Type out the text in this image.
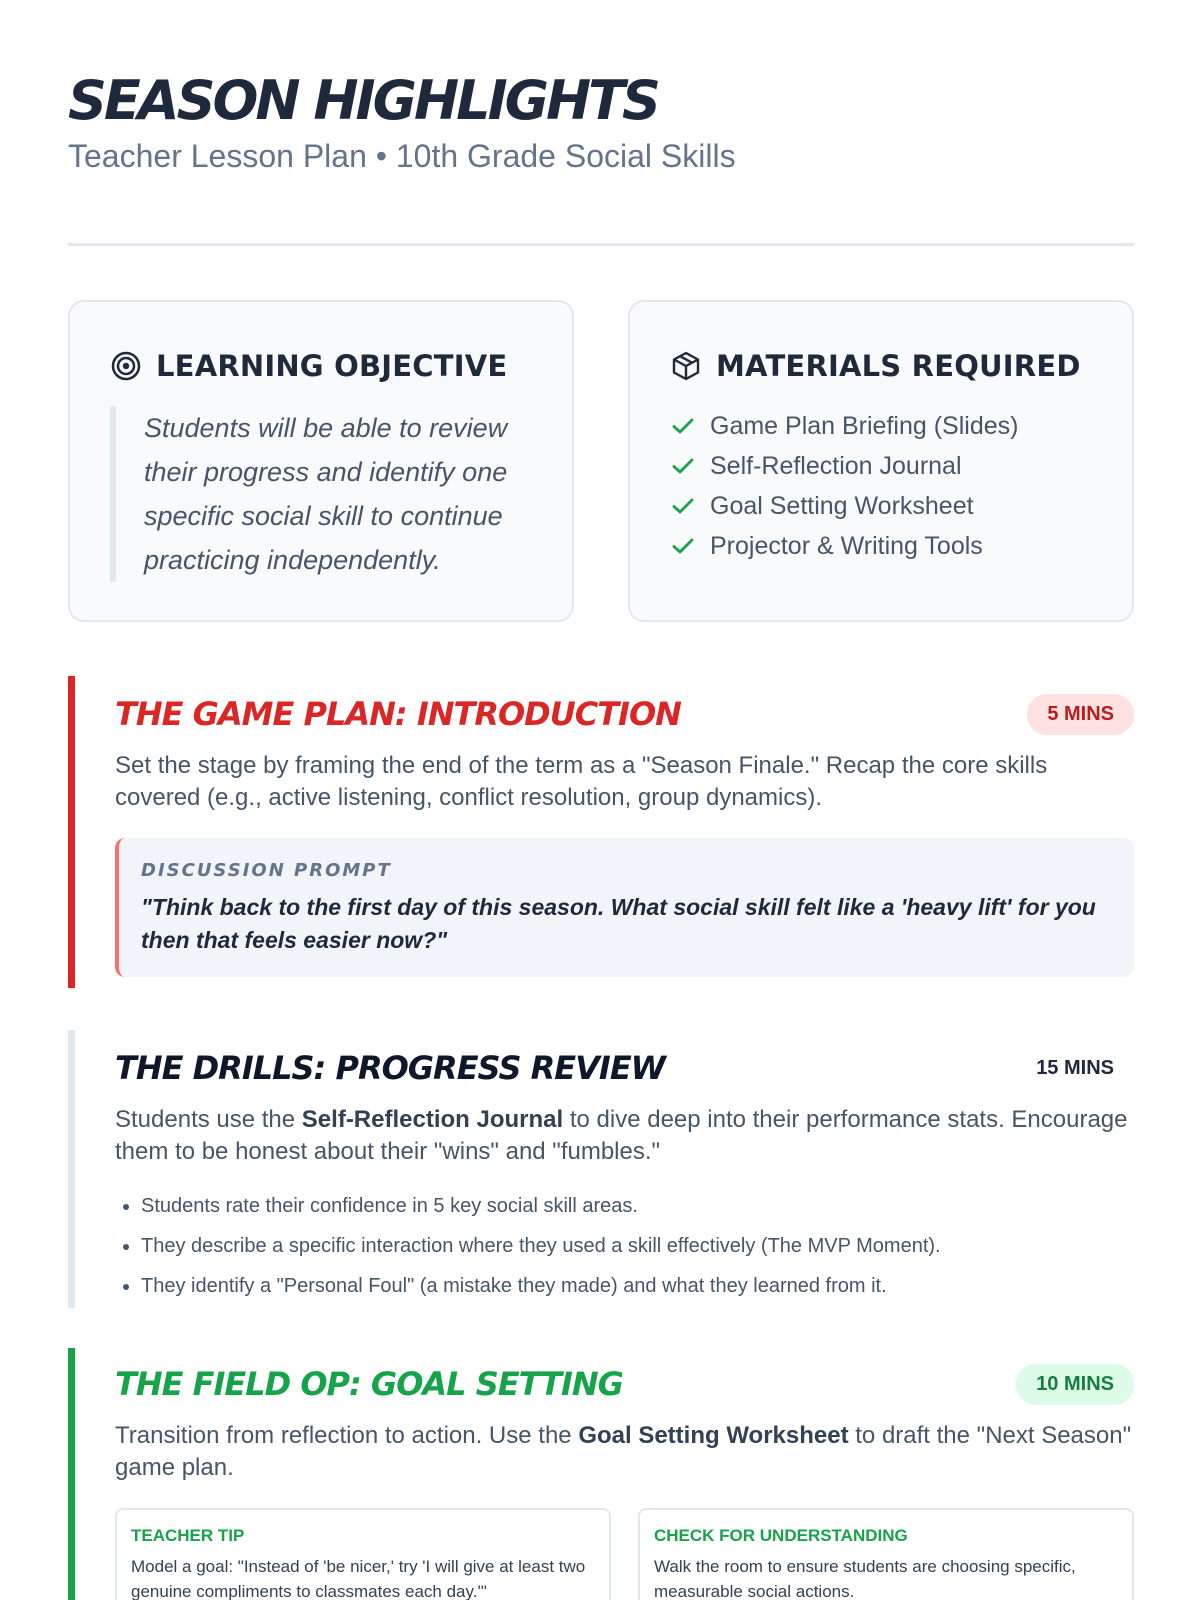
SEASON HIGHLIGHTS
Teacher Lesson Plan • 10th Grade Social Skills
LEARNING OBJECTIVE
Students will be able to review their progress and identify one specific social skill to continue practicing independently.
MATERIALS REQUIRED
Game Plan Briefing (Slides)
Self-Reflection Journal
Goal Setting Worksheet
Projector & Writing Tools
THE GAME PLAN: INTRODUCTION	5 MINS

Set the stage by framing the end of the term as a "Season Finale." Recap the core skills covered (e.g., active listening, conflict resolution, group dynamics).

DISCUSSION PROMPT
"Think back to the first day of this season. What social skill felt like a 'heavy lift' for you then that feels easier now?"
THE DRILLS: PROGRESS REVIEW	15 MINS

Students use the Self-Reflection Journal to dive deep into their performance stats. Encourage them to be honest about their "wins" and "fumbles."

• Students rate their confidence in 5 key social skill areas.
• They describe a specific interaction where they used a skill effectively (The MVP Moment).
• They identify a "Personal Foul" (a mistake they made) and what they learned from it.
THE FIELD OP: GOAL SETTING	10 MINS

Transition from reflection to action. Use the Goal Setting Worksheet to draft the "Next Season" game plan.

TEACHER TIP
Model a goal: "Instead of 'be nicer,' try 'I will give at least two genuine compliments to classmates each day.'"
CHECK FOR UNDERSTANDING
Walk the room to ensure students are choosing specific, measurable social actions.
